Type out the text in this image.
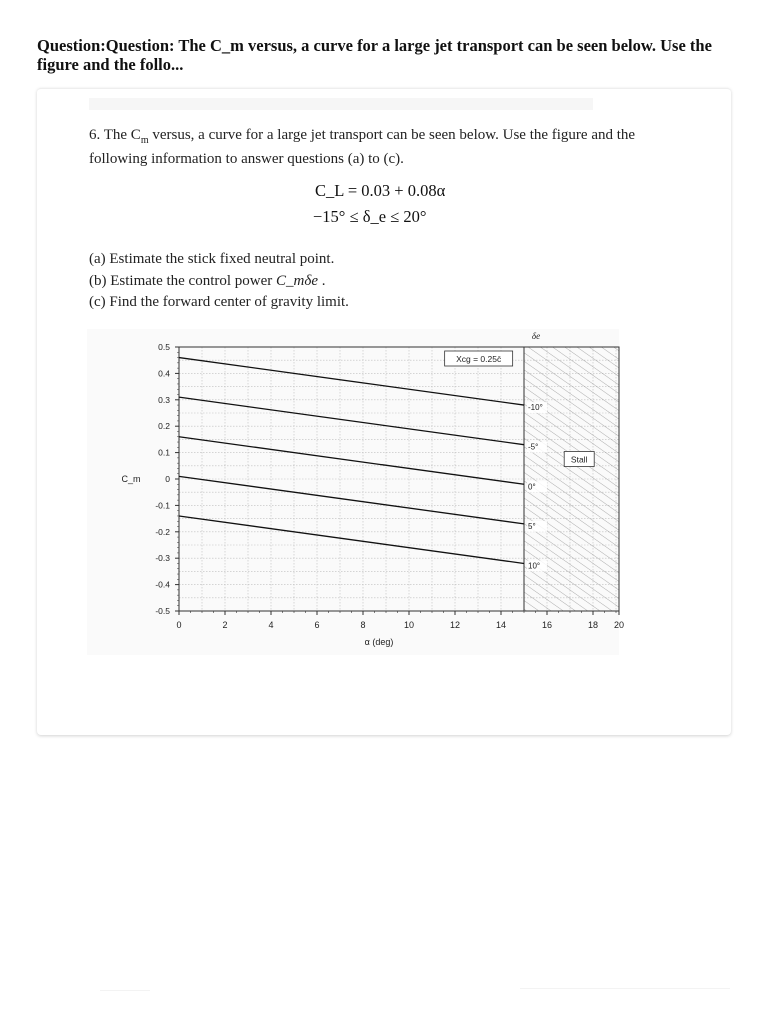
Question:Question: The C_m versus, a curve for a large jet transport can be seen below. Use the figure and the follo...

6. The $C_m$ versus, a curve for a large jet transport can be seen below. Use the figure and the following information to answer questions (a) to (c).

C_L = 0.03 + 0.08α
−15° ≤ δ_e ≤ 20°
(a) Estimate the stick fixed neutral point.
(b) Estimate the control power C_mδe .
(c) Find the forward center of gravity limit.
0	2	4	6	8	10	12	14	16	18 20
0.5
0.4
0.3
0.2
0.1
0
-0.1
-0.2
-0.3
-0.4
-0.5
α (deg)
C_m
δe
-10°
-5°
0°
5°
10°
Xcg = 0.25c̄
Stall
